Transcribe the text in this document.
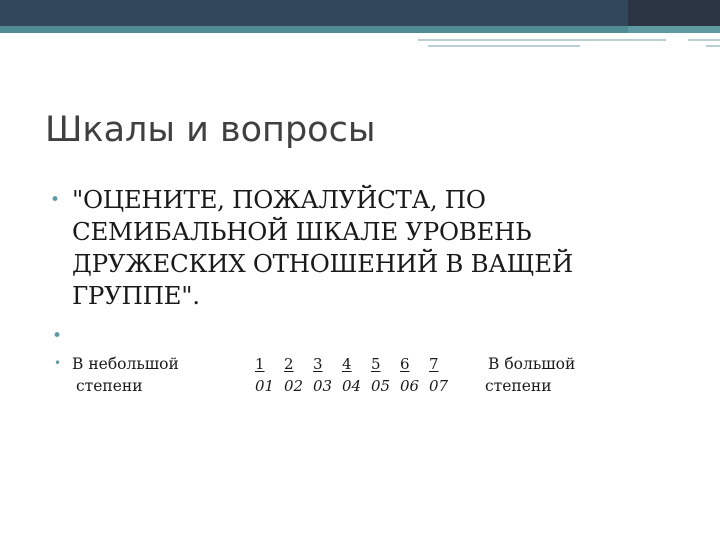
Шкалы и вопросы
• "ОЦЕНИТЕ, ПОЖАЛУЙСТА, ПО СЕМИБАЛЬНОЙ ШКАЛЕ УРОВЕНЬ ДРУЖЕСКИХ ОТНОШЕНИЙ В ВАЩЕЙ ГРУППЕ".
•
• В небольшой
степени
1 2 3 4 5 6 7
01 02 03 04 05 06 07
В большой
степени
